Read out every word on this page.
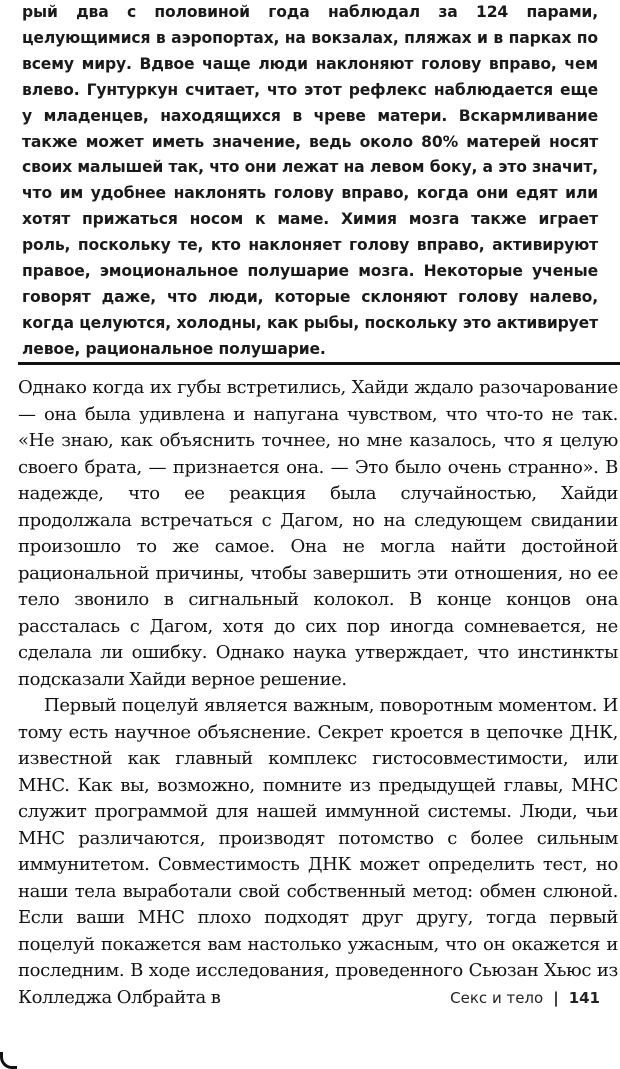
рый два с половиной года наблюдал за 124 парами, целующимися в аэропортах, на вокзалах, пляжах и в парках по всему миру. Вдвое чаще люди наклоняют голову вправо, чем влево. Гунтуркун считает, что этот рефлекс наблюдается еще у младенцев, находящихся в чреве матери. Вскармливание также может иметь значение, ведь около 80% матерей носят своих малышей так, что они лежат на левом боку, а это значит, что им удобнее наклонять голову вправо, когда они едят или хотят прижаться носом к маме. Химия мозга также играет роль, поскольку те, кто наклоняет голову вправо, активируют правое, эмоциональное полушарие мозга. Некоторые ученые говорят даже, что люди, которые склоняют голову налево, когда целуются, холодны, как рыбы, поскольку это активирует левое, рациональное полушарие.

Однако когда их губы встретились, Хайди ждало разочарование — она была удивлена и напугана чувством, что что-то не так. «Не знаю, как объяснить точнее, но мне казалось, что я целую своего брата, — признается она. — Это было очень странно». В надежде, что ее реакция была случайностью, Хайди продолжала встречаться с Дагом, но на следующем свидании произошло то же самое. Она не могла найти достойной рациональной причины, чтобы завершить эти отношения, но ее тело звонило в сигнальный колокол. В конце концов она рассталась с Дагом, хотя до сих пор иногда сомневается, не сделала ли ошибку. Однако наука утверждает, что инстинкты подсказали Хайди верное решение.

Первый поцелуй является важным, поворотным моментом. И тому есть научное объяснение. Секрет кроется в цепочке ДНК, известной как главный комплекс гистосовместимости, или MHC. Как вы, возможно, помните из предыдущей главы, MHC служит программой для нашей иммунной системы. Люди, чьи MHC различаются, производят потомство с более сильным иммунитетом. Совместимость ДНК может определить тест, но наши тела выработали свой собственный метод: обмен слюной. Если ваши MHC плохо подходят друг другу, тогда первый поцелуй покажется вам настолько ужасным, что он окажется и последним. В ходе исследования, проведенного Сьюзан Хьюс из Колледжа Олбрайта в	Секс и тело | 141
